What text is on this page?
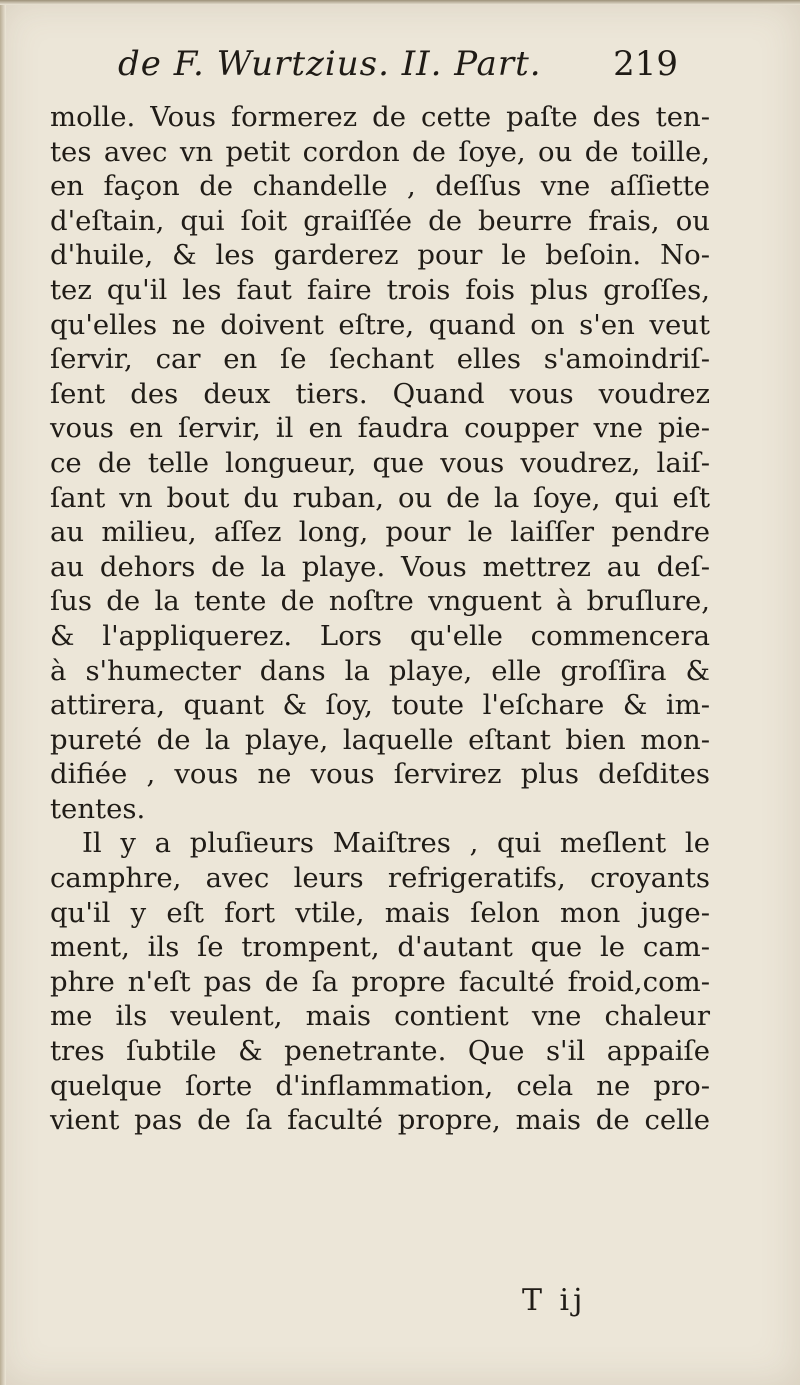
de F. Wurtzius. II. Part. 219
molle. Vous formerez de cette paſte des ten-
tes avec vn petit cordon de ſoye, ou de toille,
en façon de chandelle , deſſus vne aſſiette
d'eſtain, qui ſoit graiſſée de beurre frais, ou
d'huile, & les garderez pour le beſoin. No-
tez qu'il les faut faire trois fois plus groſſes,
qu'elles ne doivent eſtre, quand on s'en veut
ſervir, car en ſe ſechant elles s'amoindriſ-
ſent des deux tiers. Quand vous voudrez
vous en ſervir, il en faudra coupper vne pie-
ce de telle longueur, que vous voudrez, laiſ-
ſant vn bout du ruban, ou de la ſoye, qui eſt
au milieu, aſſez long, pour le laiſſer pendre
au dehors de la playe. Vous mettrez au deſ-
ſus de la tente de noſtre vnguent à bruſlure,
& l'appliquerez. Lors qu'elle commencera
à s'humecter dans la playe, elle groſſira &
attirera, quant & ſoy, toute l'eſchare & im-
pureté de la playe, laquelle eſtant bien mon-
difiée , vous ne vous ſervirez plus deſdites
tentes.
Il y a pluſieurs Maiſtres , qui meſlent le
camphre, avec leurs refrigeratifs, croyants
qu'il y eſt fort vtile, mais ſelon mon juge-
ment, ils ſe trompent, d'autant que le cam-
phre n'eſt pas de ſa propre faculté froid,com-
me ils veulent, mais contient vne chaleur
tres ſubtile & penetrante. Que s'il appaiſe
quelque ſorte d'inflammation, cela ne pro-
vient pas de ſa faculté propre, mais de celle
T ij
